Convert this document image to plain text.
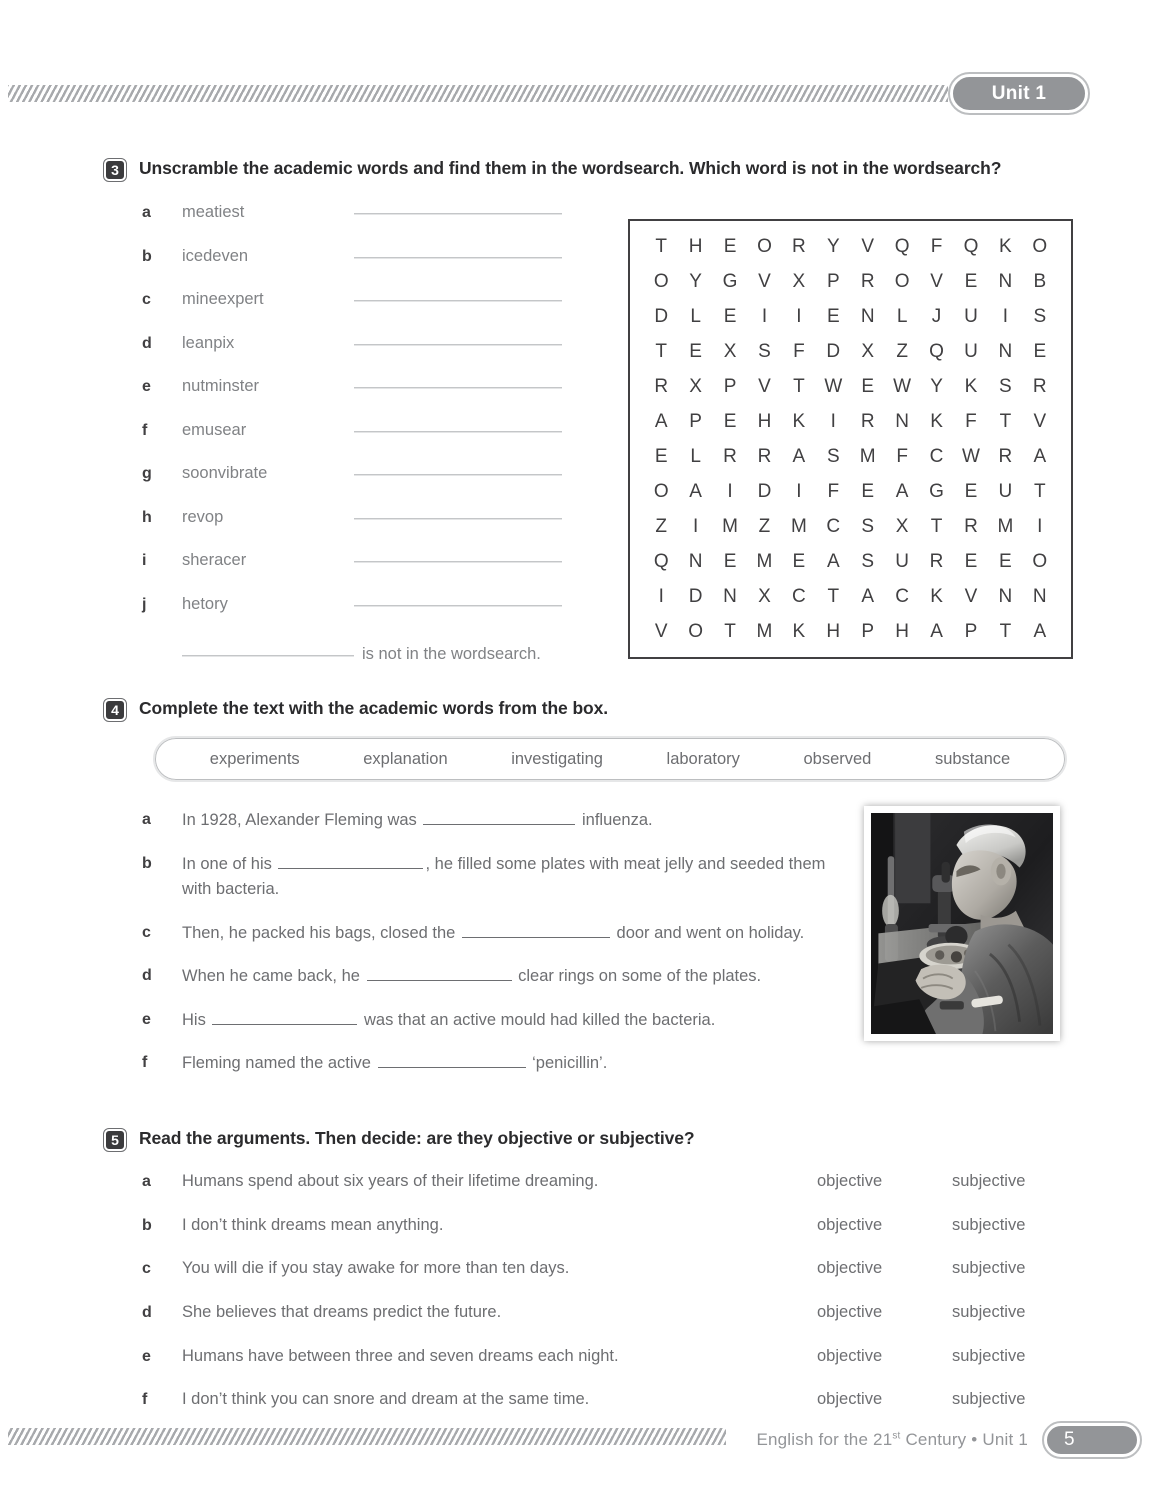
Unit 1
3	Unscramble the academic words and find them in the wordsearch. Which word is not in the wordsearch?
a	meatiest
b	icedeven
c	mineexpert
d	leanpix
e	nutminster
f	emusear
g	soonvibrate
h	revop
i	sheracer
j	hetory
is not in the wordsearch.
T H E O R Y V Q F Q K O
O Y G V X P R O V E N B
D L E I I E N L J U I S
T E X S F D X Z Q U N E
R X P V T W E W Y K S R
A P E H K I R N K F T V
E L R R A S M F C W R A
O A I D I F E A G E U T
Z I M Z M C S X T R M I
Q N E M E A S U R E E O
I D N X C T A C K V N N
V O T M K H P H A P T A
4	Complete the text with the academic words from the box.
experiments	explanation	investigating	laboratory	observed	substance
a	In 1928, Alexander Fleming was	influenza.
b	In one of his	, he filled some plates with meat jelly and seeded them with bacteria.
c	Then, he packed his bags, closed the	door and went on holiday.
d	When he came back, he	clear rings on some of the plates.
e	His	was that an active mould had killed the bacteria.
f	Fleming named the active	‘penicillin’.
5	Read the arguments. Then decide: are they objective or subjective?
a	Humans spend about six years of their lifetime dreaming.	objective	subjective
b	I don’t think dreams mean anything.	objective	subjective
c	You will die if you stay awake for more than ten days.	objective	subjective
d	She believes that dreams predict the future.	objective	subjective
e	Humans have between three and seven dreams each night.	objective	subjective
f	I don’t think you can snore and dream at the same time.	objective	subjective
English for the 21st Century • Unit 1 5
